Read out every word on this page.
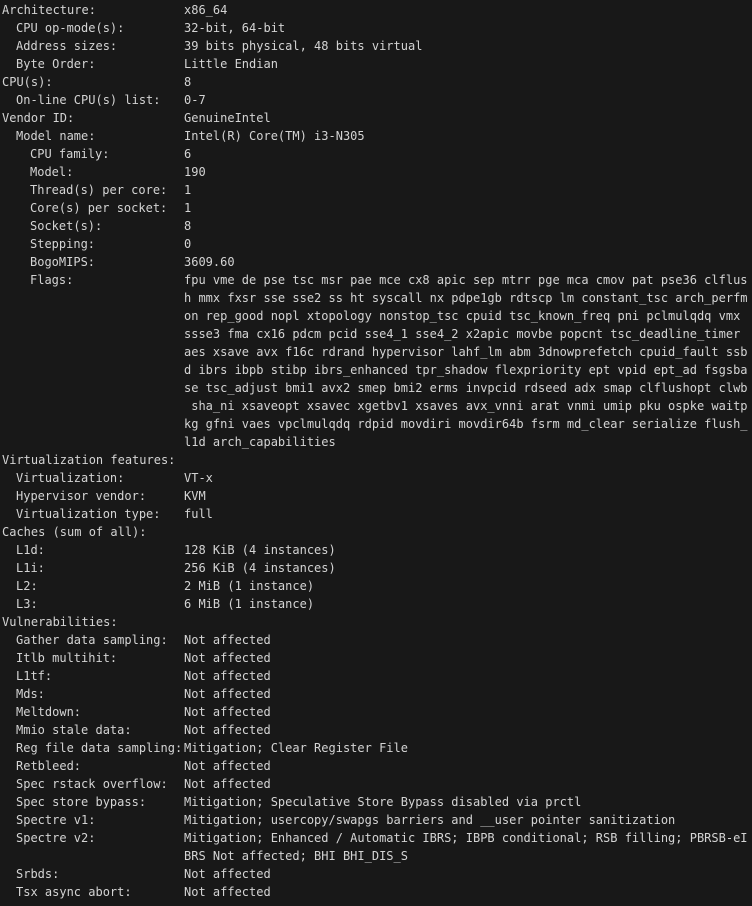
Architecture:	x86_64
CPU op-mode(s):	32-bit, 64-bit
Address sizes:	39 bits physical, 48 bits virtual
Byte Order:	Little Endian
CPU(s):	8
On-line CPU(s) list:	0-7
Vendor ID:	GenuineIntel
Model name:	Intel(R) Core(TM) i3-N305
CPU family:	6
Model:	190
Thread(s) per core:	1
Core(s) per socket:	1
Socket(s):	8
Stepping:	0
BogoMIPS:	3609.60
Flags:	fpu vme de pse tsc msr pae mce cx8 apic sep mtrr pge mca cmov pat pse36 clflus
h mmx fxsr sse sse2 ss ht syscall nx pdpe1gb rdtscp lm constant_tsc arch_perfm
on rep_good nopl xtopology nonstop_tsc cpuid tsc_known_freq pni pclmulqdq vmx
ssse3 fma cx16 pdcm pcid sse4_1 sse4_2 x2apic movbe popcnt tsc_deadline_timer
aes xsave avx f16c rdrand hypervisor lahf_lm abm 3dnowprefetch cpuid_fault ssb
d ibrs ibpb stibp ibrs_enhanced tpr_shadow flexpriority ept vpid ept_ad fsgsba
se tsc_adjust bmi1 avx2 smep bmi2 erms invpcid rdseed adx smap clflushopt clwb
sha_ni xsaveopt xsavec xgetbv1 xsaves avx_vnni arat vnmi umip pku ospke waitp
kg gfni vaes vpclmulqdq rdpid movdiri movdir64b fsrm md_clear serialize flush_
l1d arch_capabilities
Virtualization features:
Virtualization:	VT-x
Hypervisor vendor:	KVM
Virtualization type:	full
Caches (sum of all):
L1d:	128 KiB (4 instances)
L1i:	256 KiB (4 instances)
L2:	2 MiB (1 instance)
L3:	6 MiB (1 instance)
Vulnerabilities:
Gather data sampling:	Not affected
Itlb multihit:	Not affected
L1tf:	Not affected
Mds:	Not affected
Meltdown:	Not affected
Mmio stale data:	Not affected
Reg file data sampling: Mitigation; Clear Register File
Retbleed:	Not affected
Spec rstack overflow:	Not affected
Spec store bypass:	Mitigation; Speculative Store Bypass disabled via prctl
Spectre v1:	Mitigation; usercopy/swapgs barriers and __user pointer sanitization
Spectre v2:	Mitigation; Enhanced / Automatic IBRS; IBPB conditional; RSB filling; PBRSB-eI
BRS Not affected; BHI BHI_DIS_S
Srbds:	Not affected
Tsx async abort:	Not affected
